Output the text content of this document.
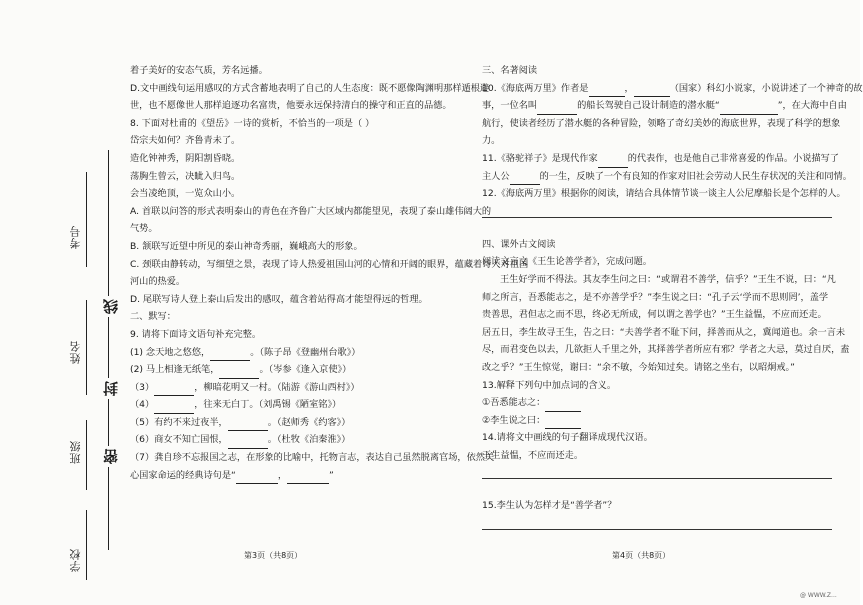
考号
姓名
班级
学校
线
封
密

着子美好的安态气质，芳名远播。

D.文中画线句运用感叹的方式含蓄地表明了自己的人生态度：既不愿像陶渊明那样遁根避

世，也不愿像世人那样追逐功名富贵，他要永远保持清白的操守和正直的品德。

8. 下面对杜甫的《望岳》一诗的赏析，不恰当的一项是（ ）

岱宗夫如何？齐鲁青未了。

造化钟神秀，阴阳割昏晓。

荡胸生曾云，决眦入归鸟。

会当凌绝顶，一览众山小。

A. 首联以问答的形式表明泰山的青色在齐鲁广大区域内都能望见，表现了泰山雄伟阔大的

气势。

B. 颔联写近望中所见的泰山神奇秀丽，巍峨高大的形象。

C. 颈联由静转动，写细望之景，表现了诗人热爱祖国山河的心情和开阔的眼界，蕴藏着诗人对祖国

河山的热爱。

D. 尾联写诗人登上泰山后发出的感叹，蕴含着站得高才能望得远的哲理。

二、默写：

9. 请将下面诗文语句补充完整。

(1) 念天地之悠悠，	。（陈子昂《登幽州台歌》）

(2) 马上相逢无纸笔，	。（岑参《逢入京使》）

（3）	，柳暗花明又一村。（陆游《游山西村》）

（4）	，往来无白丁。（刘禹锡《陋室铭》）

（5）有约不来过夜半，	。（赵师秀《约客》）

（6）商女不知亡国恨，	。（杜牧《泊秦淮》）

（7）龚自珍不忘报国之志，在形象的比喻中，托物言志，表达自己虽然脱离官场，依然关

心国家命运的经典诗句是“	，	”

三、名著阅读

10.《海底两万里》作者是	，	（国家）科幻小说家，小说讲述了一个神奇的故

事，一位名叫	的船长驾驶自己设计制造的潜水艇“	”，在大海中自由

航行，使读者经历了潜水艇的各种冒险，领略了奇幻美妙的海底世界，表现了科学的想象

力。

11.《骆驼祥子》是现代作家	的代表作，也是他自己非常喜爱的作品。小说描写了

主人公	的一生，反映了一个有良知的作家对旧社会劳动人民生存状况的关注和同情。

12.《海底两万里》根据你的阅读，请结合具体情节谈一谈主人公尼摩船长是个怎样的人。

四、课外古文阅读

阅读文言文《王生论善学者》，完成问题。

王生好学而不得法。其友李生问之曰：“或谓君不善学，信乎？”王生不说，曰：“凡

师之所言，吾悉能志之，是不亦善学乎？”李生说之曰：“孔子云‘学而不思则罔’，盖学

贵善思，君但志之而不思，终必无所成，何以谓之善学也？”王生益愠，不应而还走。

居五日，李生故寻王生，告之曰：“夫善学者不耻下问，择善而从之，冀闻道也。余一言未

尽，而君变色以去，几欲拒人千里之外，其择善学者所应有邪？学者之大忌，莫过自厌，盍

改之乎？”王生惊觉，谢曰：“余不敏，今始知过矣。请铭之坐右，以昭炯戒。”

13.解释下列句中加点词的含义。

①吾悉能志之：

②李生说之曰：

14.请将文中画线的句子翻译成现代汉语。

王生益愠，不应而还走。

15.李生认为怎样才是“善学者”？

第3页（共8页）	第4页（共8页）
@ WWW.Z...
